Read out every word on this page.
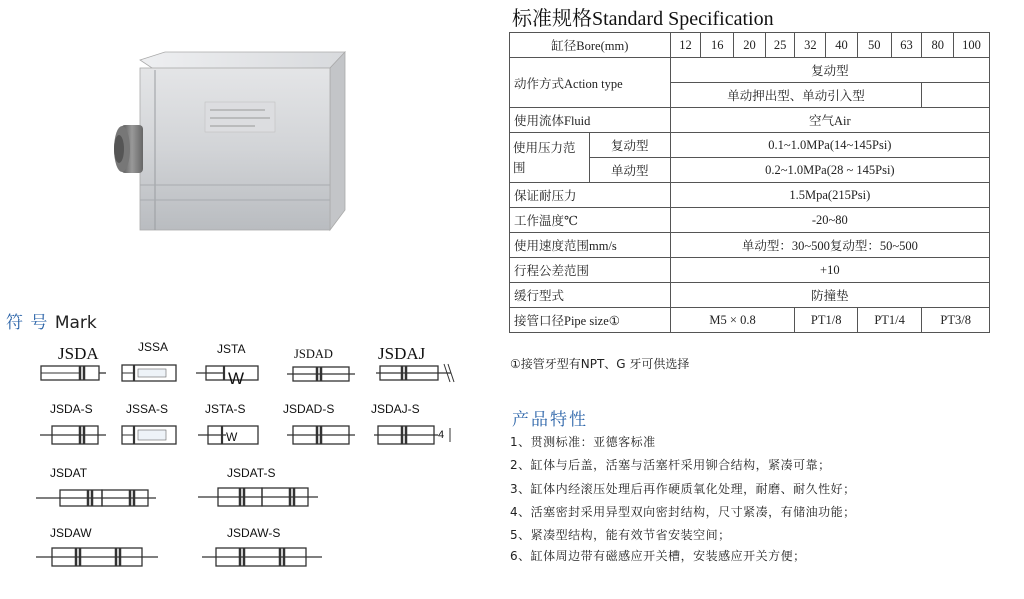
符 号 Mark
JSDA	JSSA	JSTA	JSDAD	JSDAJ
W
JSDA-S	JSSA-S	JSTA-S	JSDAD-S	JSDAJ-S
W	4
JSDAT	JSDAT-S
JSDAW	JSDAW-S
标准规格Standard Specification
缸径Bore(mm)		12	16	20	25	32	40	50	63	80	100
动作方式Action type		复动型									
		单动押出型、单动引入型									
使用流体Fluid		空气Air									
使用压力范围	复动型	0.1~1.0MPa(14~145Psi)									
	单动型	0.2~1.0MPa(28 ~ 145Psi)									
保证耐压力		1.5Mpa(215Psi)									
工作温度℃		-20~80									
使用速度范围mm/s		单动型：30~500复动型：50~500									
行程公差范围		+10									
缓行型式		防撞垫									
接管口径Pipe size①		M5 × 0.8				PT1/8		PT1/4		PT3/8	
①接管牙型有NPT、G 牙可供选择
产品特性
1、贯测标准：亚德客标准
2、缸体与后盖，活塞与活塞杆采用铆合结构，紧凑可靠；
3、缸体内经滚压处理后再作硬质氧化处理，耐磨、耐久性好；
4、活塞密封采用异型双向密封结构，尺寸紧凑，有储油功能；
5、紧凑型结构，能有效节省安装空间；
6、缸体周边带有磁感应开关槽，安装感应开关方便；
